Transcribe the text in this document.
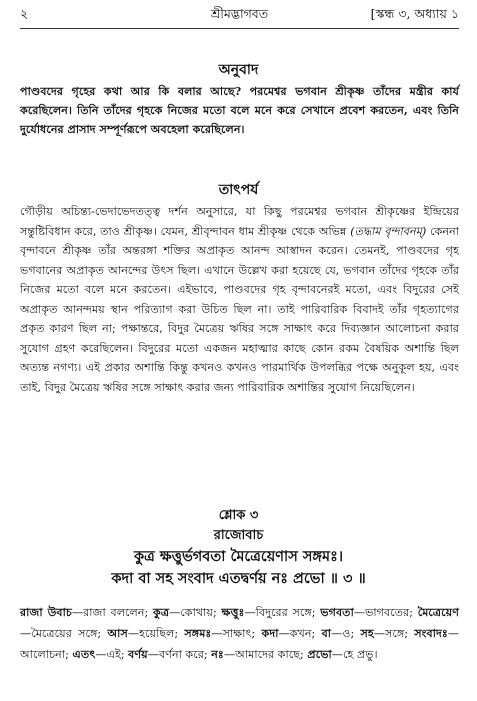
২	শ্রীমদ্ভাগবত	[স্কন্ধ ৩, অধ্যায় ১
অনুবাদ

পাণ্ডবদের গৃহের কথা আর কি বলার আছে? পরমেশ্বর ভগবান শ্রীকৃষ্ণ তাঁদের মন্ত্রীর কার্য করেছিলেন। তিনি তাঁদের গৃহকে নিজের মতো বলে মনে করে সেখানে প্রবেশ করতেন, এবং তিনি দুর্যোধনের প্রাসাদ সম্পূর্ণরূপে অবহেলা করেছিলেন।

তাৎপর্য

গৌড়ীয় অচিন্ত্য-ভেদাভেদতত্ত্ব দর্শন অনুসারে, যা কিছু পরমেশ্বর ভগবান শ্রীকৃষ্ণের ইন্দ্রিয়ের সন্তুষ্টিবিধান করে, তাও শ্রীকৃষ্ণ। যেমন, শ্রীবৃন্দাবন ধাম শ্রীকৃষ্ণ থেকে অভিন্ন (তদ্ধাম বৃন্দাবনম্) কেননা বৃন্দাবনে শ্রীকৃষ্ণ তাঁর অন্তরঙ্গা শক্তির অপ্রাকৃত আনন্দ আস্বাদন করেন। তেমনই, পাণ্ডবদের গৃহ ভগবানের অপ্রাকৃত আনন্দের উৎস ছিল। এখানে উল্লেখ করা হয়েছে যে, ভগবান তাঁদের গৃহকে তাঁর নিজের মতো বলে মনে করতেন। এইভাবে, পাণ্ডবদের গৃহ বৃন্দাবনেরই মতো, এবং বিদুরের সেই অপ্রাকৃত আনন্দময় স্থান পরিত্যাগ করা উচিত ছিল না। তাই পারিবারিক বিবাদই তাঁর গৃহত্যাগের প্রকৃত কারণ ছিল না; পক্ষান্তরে, বিদুর মৈত্রেয় ঋষির সঙ্গে সাক্ষাৎ করে দিব্যজ্ঞান আলোচনা করার সুযোগ গ্রহণ করেছিলেন। বিদুরের মতো একজন মহাত্মার কাছে কোন রকম বৈষয়িক অশান্তি ছিল অত্যন্ত নগণ্য। এই প্রকার অশান্তি কিন্তু কখনও কখনও পারমার্থিক উপলব্ধির পক্ষে অনুকূল হয়, এবং তাই, বিদুর মৈত্রেয় ঋষির সঙ্গে সাক্ষাৎ করার জন্য পারিবারিক অশান্তির সুযোগ নিয়েছিলেন।

শ্লোক ৩
রাজোবাচ
কুত্র ক্ষত্তুর্ভগবতা মৈত্রেয়েণাস সঙ্গমঃ।
কদা বা সহ সংবাদ এতদ্বর্ণয় নঃ প্রভো ॥ ৩ ॥

রাজা উবাচ—রাজা বললেন; কুত্র—কোথায়; ক্ষত্তুঃ—বিদুরের সঙ্গে; ভগবতা—ভাগবতের; মৈত্রেয়েণ—মৈত্রেয়ের সঙ্গে; আস—হয়েছিল; সঙ্গমঃ—সাক্ষাৎ; কদা—কখন; বা—ও; সহ—সঙ্গে; সংবাদঃ—আলোচনা; এতৎ—এই; বর্ণয়—বর্ণনা করে; নঃ—আমাদের কাছে; প্রভো—হে প্রভু।
